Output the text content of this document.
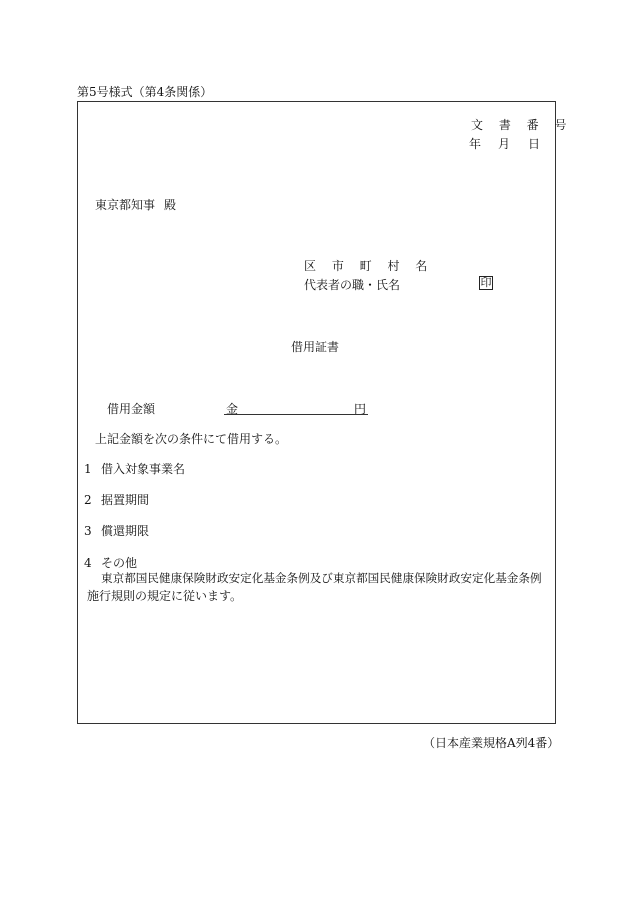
第5号様式（第4条関係）
文 書 番 号
年 月 日
東京都知事 殿
区 市 町 村 名
代表者の職・氏名	印
借用証書
借用金額	金	円
上記金額を次の条件にて借用する。
1 借入対象事業名
2 据置期間
3 償還期限
4 その他
東京都国民健康保険財政安定化基金条例及び東京都国民健康保険財政安定化基金条例
施行規則の規定に従います。
（日本産業規格A列4番）
